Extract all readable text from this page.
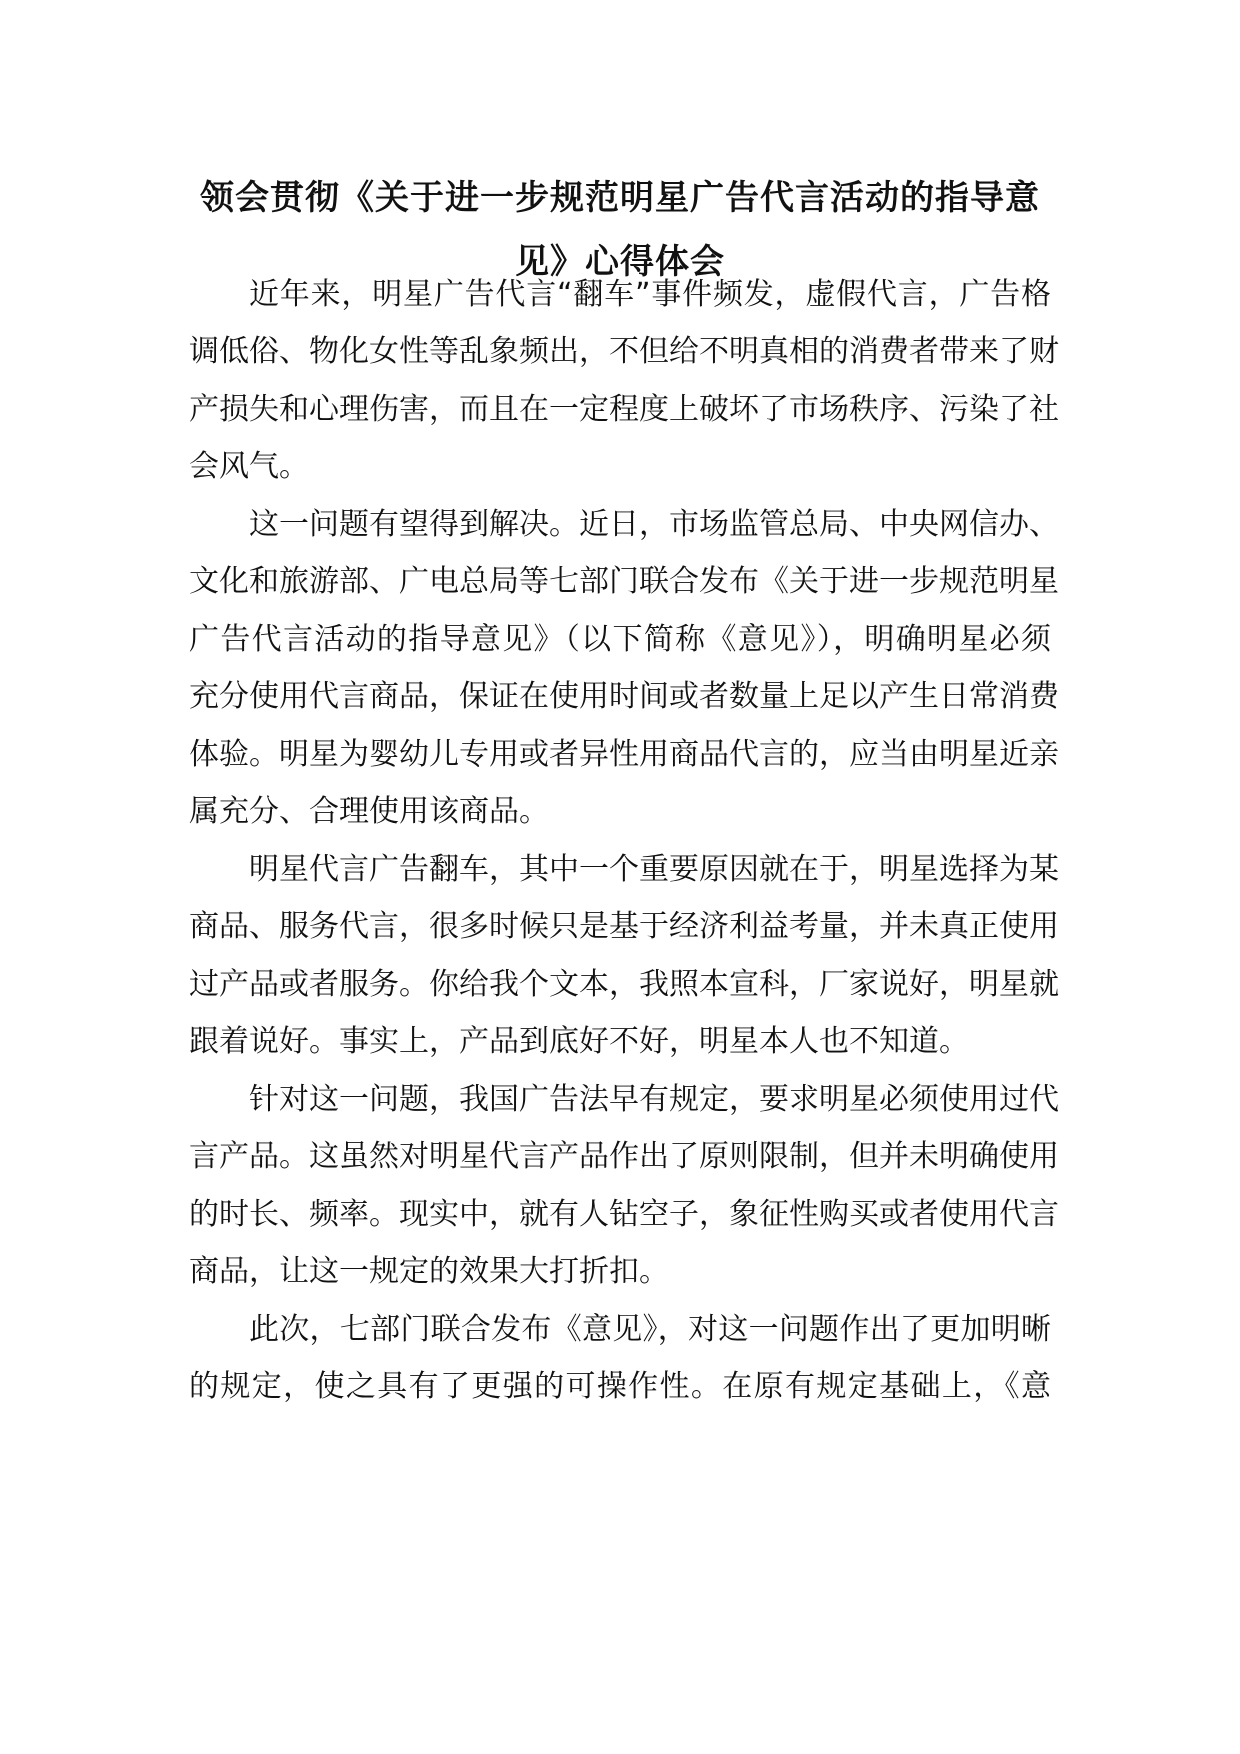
领会贯彻《关于进一步规范明星广告代言活动的指导意
见》心得体会
近年来，明星广告代言“翻车”事件频发，虚假代言，广告格
调低俗、物化女性等乱象频出，不但给不明真相的消费者带来了财
产损失和心理伤害，而且在一定程度上破坏了市场秩序、污染了社
会风气。
这一问题有望得到解决。近日，市场监管总局、中央网信办、
文化和旅游部、广电总局等七部门联合发布《关于进一步规范明星
广告代言活动的指导意见》（以下简称《意见》），明确明星必须
充分使用代言商品，保证在使用时间或者数量上足以产生日常消费
体验。明星为婴幼儿专用或者异性用商品代言的，应当由明星近亲
属充分、合理使用该商品。
明星代言广告翻车，其中一个重要原因就在于，明星选择为某
商品、服务代言，很多时候只是基于经济利益考量，并未真正使用
过产品或者服务。你给我个文本，我照本宣科，厂家说好，明星就
跟着说好。事实上，产品到底好不好，明星本人也不知道。
针对这一问题，我国广告法早有规定，要求明星必须使用过代
言产品。这虽然对明星代言产品作出了原则限制，但并未明确使用
的时长、频率。现实中，就有人钻空子，象征性购买或者使用代言
商品，让这一规定的效果大打折扣。
此次，七部门联合发布《意见》，对这一问题作出了更加明晰
的规定，使之具有了更强的可操作性。在原有规定基础上，《意
